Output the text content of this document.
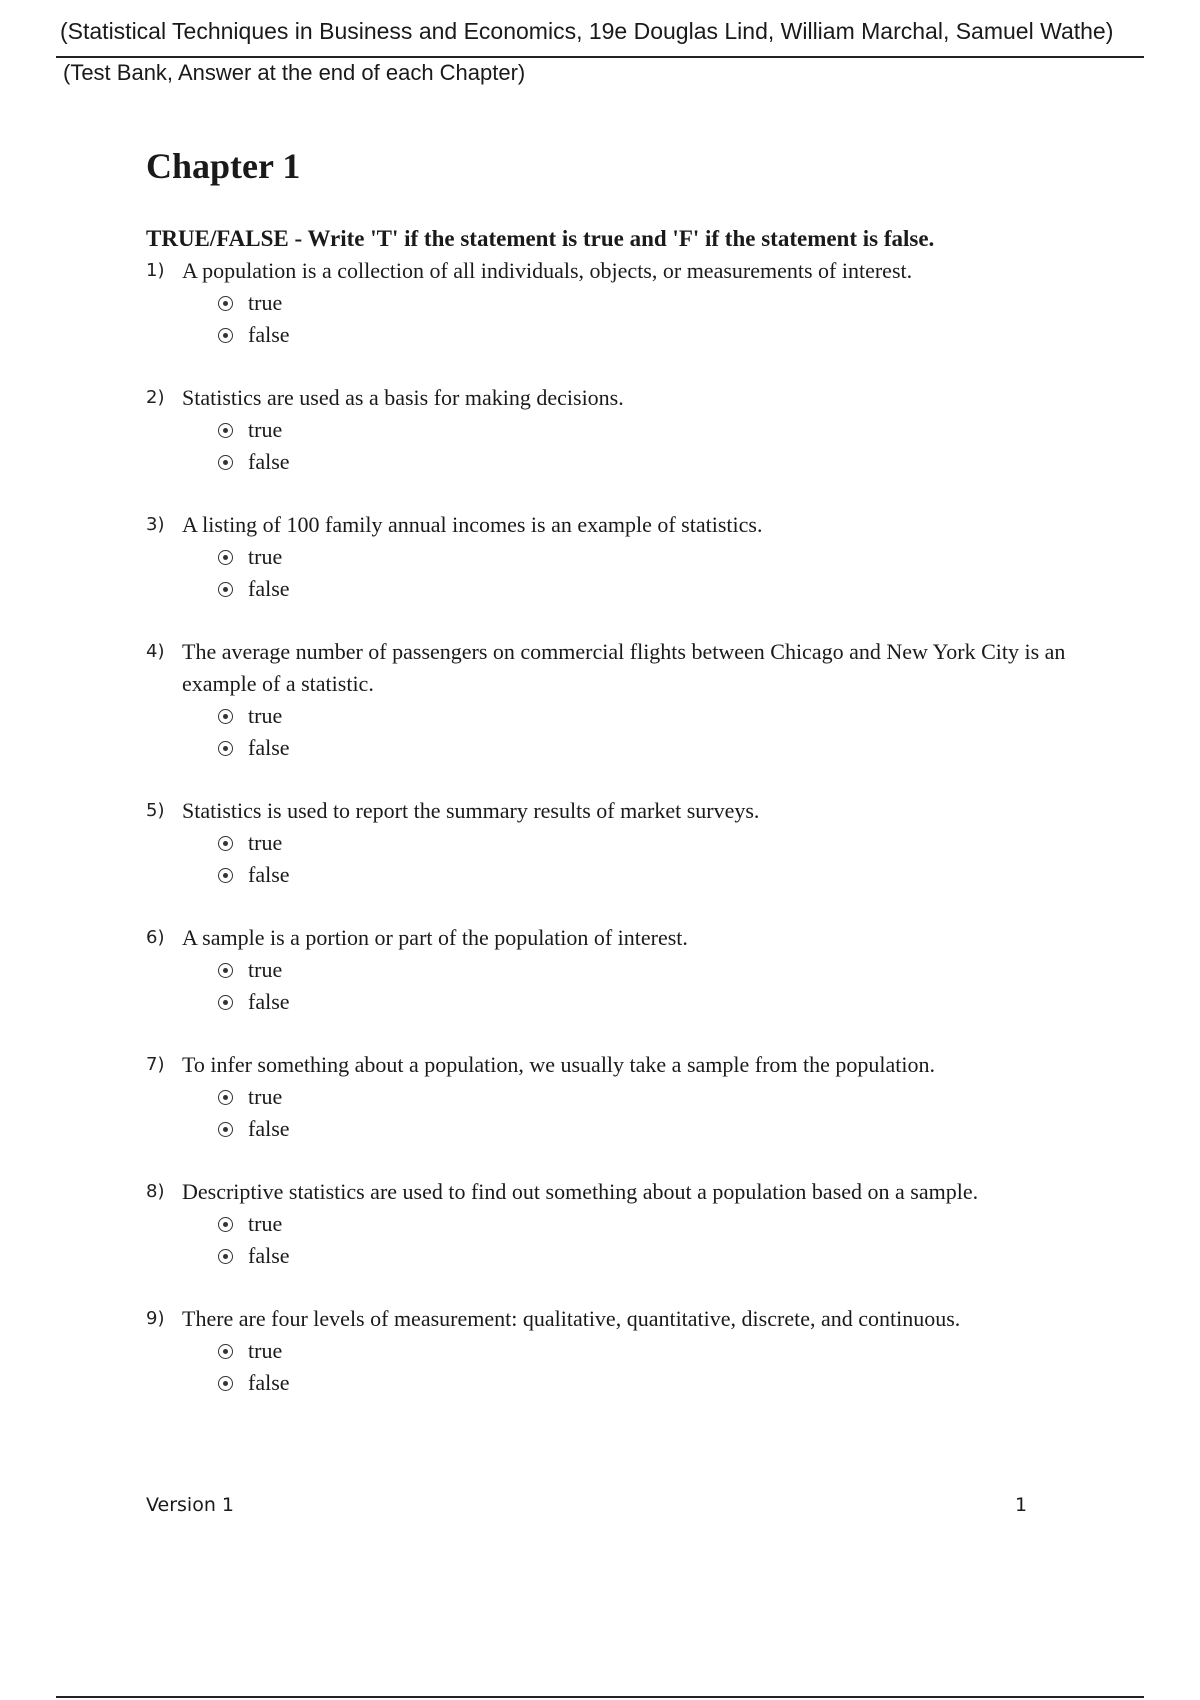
(Statistical Techniques in Business and Economics, 19e Douglas Lind, William Marchal, Samuel Wathe)
(Test Bank, Answer at the end of each Chapter)
Chapter 1
TRUE/FALSE - Write 'T' if the statement is true and 'F' if the statement is false.
1) A population is a collection of all individuals, objects, or measurements of interest.
true
false
2) Statistics are used as a basis for making decisions.
true
false
3) A listing of 100 family annual incomes is an example of statistics.
true
false
4) The average number of passengers on commercial flights between Chicago and New York City is an example of a statistic.
true
false
5) Statistics is used to report the summary results of market surveys.
true
false
6) A sample is a portion or part of the population of interest.
true
false
7) To infer something about a population, we usually take a sample from the population.
true
false
8) Descriptive statistics are used to find out something about a population based on a sample.
true
false
9) There are four levels of measurement: qualitative, quantitative, discrete, and continuous.
true
false
Version 1	1
